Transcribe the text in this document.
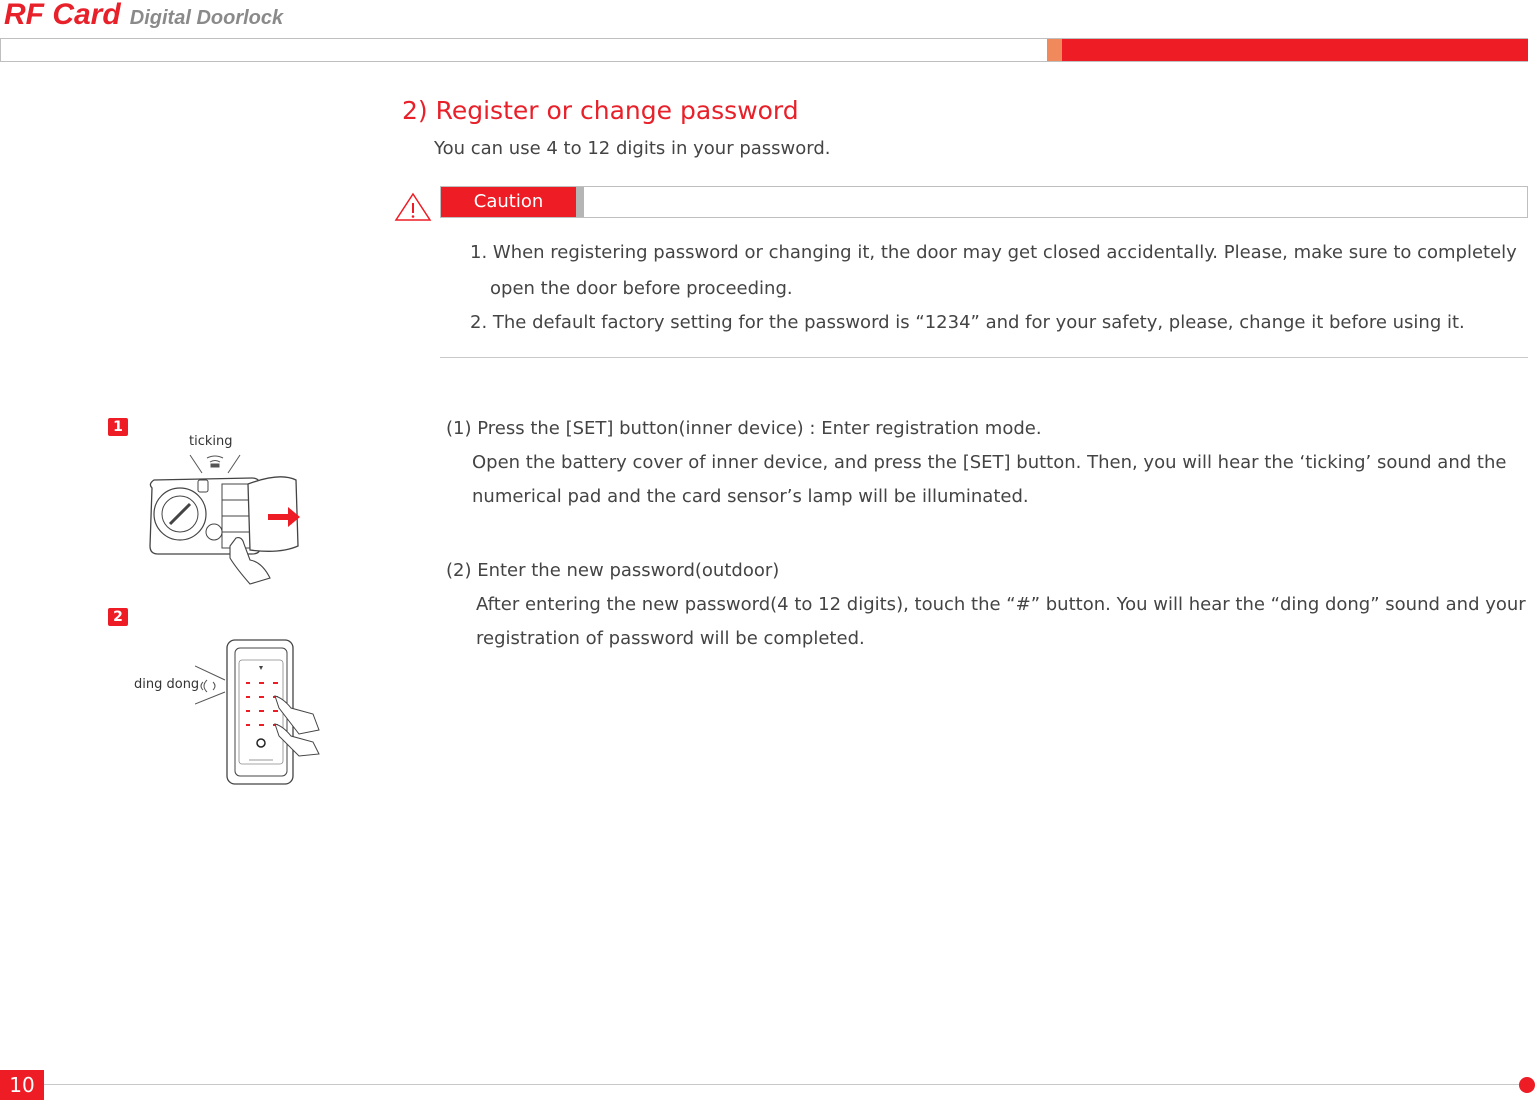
RF Card Digital Doorlock
2) Register or change password
You can use 4 to 12 digits in your password.
Caution
1. When registering password or changing it, the door may get closed accidentally. Please, make sure to completely
open the door before proceeding.
2. The default factory setting for the password is “1234” and for your safety, please, change it before using it.
(1) Press the [SET] button(inner device) : Enter registration mode.
Open the battery cover of inner device, and press the [SET] button. Then, you will hear the ‘ticking’ sound and the
numerical pad and the card sensor’s lamp will be illuminated.
(2) Enter the new password(outdoor)
After entering the new password(4 to 12 digits), touch the “#” button. You will hear the “ding dong” sound and your
registration of password will be completed.
1
ticking
2
ding dong
10
